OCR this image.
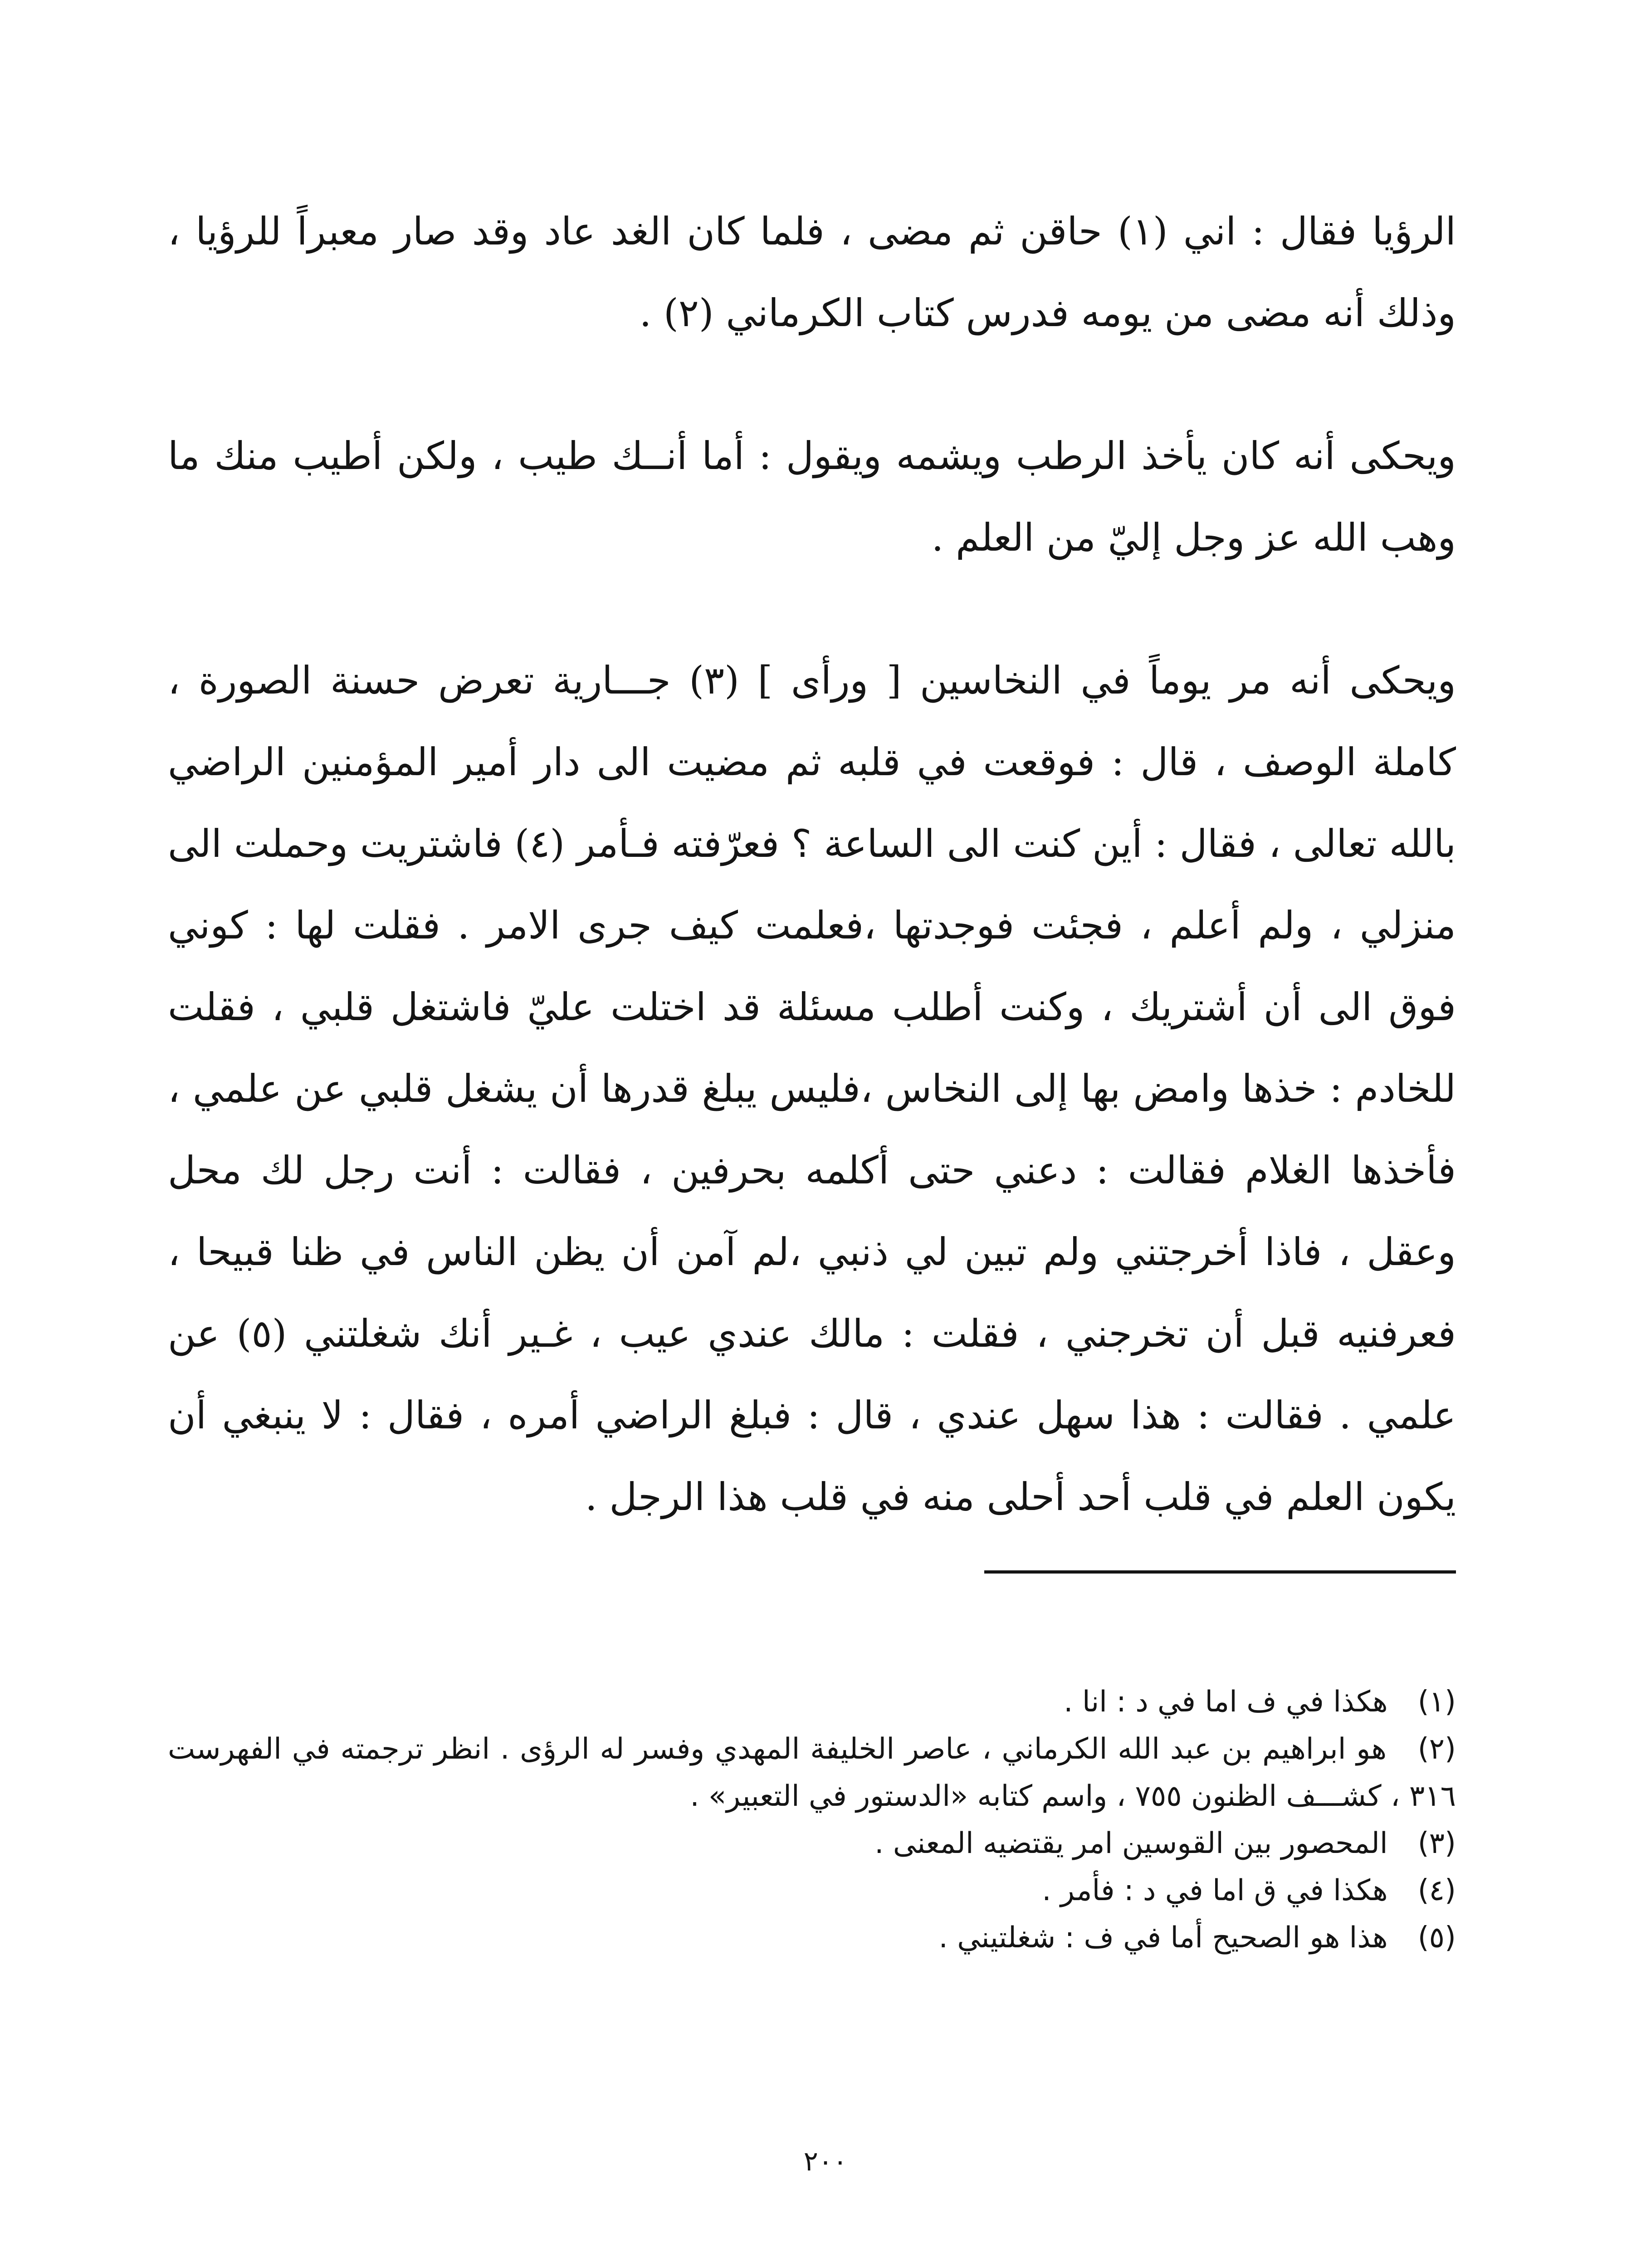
الرؤيا فقال : اني (١) حاقن ثم مضى ، فلما كان الغد عاد وقد صار معبراً للرؤيا ، وذلك أنه مضى من يومه فدرس كتاب الكرماني (٢) .

ويحكى أنه كان يأخذ الرطب ويشمه ويقول : أما أنــك طيب ، ولكن أطيب منك ما وهب الله عز وجل إليّ من العلم .

ويحكى أنه مر يوماً في النخاسين [ ورأى ] (٣) جـــارية تعرض حسنة الصورة ، كاملة الوصف ، قال : فوقعت في قلبه ثم مضيت الى دار أمير المؤمنين الراضي بالله تعالى ، فقال : أين كنت الى الساعة ؟ فعرّفته فـأمر (٤) فاشتريت وحملت الى منزلي ، ولم أعلم ، فجئت فوجدتها ،فعلمت كيف جرى الامر . فقلت لها : كوني فوق الى أن أشتريك ، وكنت أطلب مسئلة قد اختلت عليّ فاشتغل قلبي ، فقلت للخادم : خذها وامض بها إلى النخاس ،فليس يبلغ قدرها أن يشغل قلبي عن علمي ، فأخذها الغلام فقالت : دعني حتى أكلمه بحرفين ، فقالت : أنت رجل لك محل وعقل ، فاذا أخرجتني ولم تبين لي ذنبي ،لم آمن أن يظن الناس في ظنا قبيحا ، فعرفنيه قبل أن تخرجني ، فقلت : مالك عندي عيب ، غـير أنك شغلتني (٥) عن علمي . فقالت : هذا سهل عندي ، قال : فبلغ الراضي أمره ، فقال : لا ينبغي أن يكون العلم في قلب أحد أحلى منه في قلب هذا الرجل .

(١) هكذا في ف اما في د : انا .
(٢) هو ابراهيم بن عبد الله الكرماني ، عاصر الخليفة المهدي وفسر له الرؤى . انظر ترجمته في الفهرست ٣١٦ ، كشـــف الظنون ٧٥٥ ، واسم كتابه «الدستور في التعبير» .
(٣) المحصور بين القوسين امر يقتضيه المعنى .
(٤) هكذا في ق اما في د : فأمر .
(٥) هذا هو الصحيح أما في ف : شغلتيني .
٢٠٠
